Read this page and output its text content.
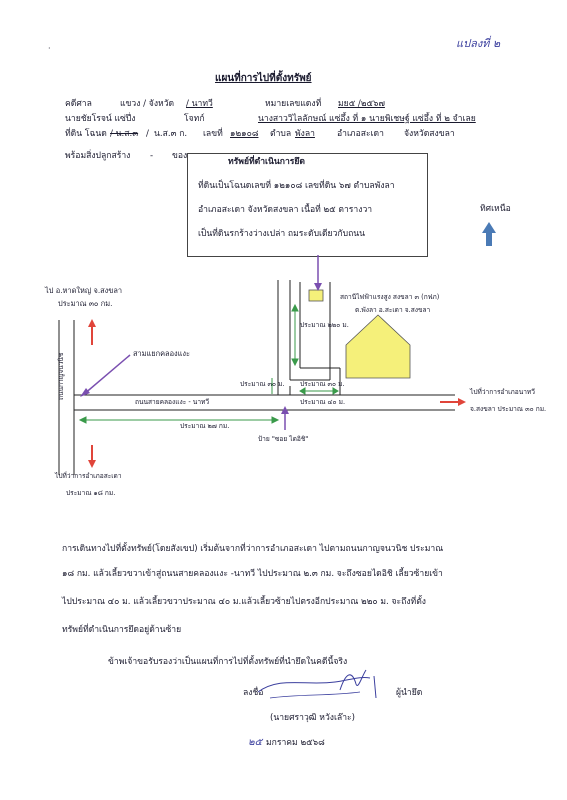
แปลงที่ ๒
·
แผนที่การไปที่ตั้งทรัพย์
คดีศาล	แขวง / จังหวัด / นาทวี	หมายเลขแดงที่ มย๕ /๒๕๖๗
นายชัยโรจน์ แซ่ปึ่ง	โจทก์	นางสาววิไลลักษณ์ แซ่อึ้ง ที่ ๑ นายพิเชษฐ์ แซ่อึ้ง ที่ ๒ จำเลย
ที่ดิน โฉนด / น.ส.๓ / น.ส.๓ ก. เลขที่ ๑๒๑๐๘ ตำบล พังลา	อำเภอสะเดา จังหวัดสงขลา
พร้อมสิ่งปลูกสร้าง - ของ
ทรัพย์ที่ดำเนินการยึด
ที่ดินเป็นโฉนดเลขที่ ๑๒๑๐๘ เลขที่ดิน ๖๗ ตำบลพังลา
อำเภอสะเดา จังหวัดสงขลา เนื้อที่ ๒๕ ตารางวา
เป็นที่ดินรกร้างว่างเปล่า ถมระดับเดียวกับถนน
ทิศเหนือ
ไป อ.หาดใหญ่ จ.สงขลา
ประมาณ ๓๐ กม.
สามแยกคลองแงะ
ถนนกาญจนวนิช
ถนนสายคลองแงะ - นาทวี
ประมาณ ๒๗ กม.
ประมาณ ๓๐ ม. ประมาณ ๓๐ ม.
ประมาณ ๔๐ ม.
ประมาณ ๒๒๐ ม.
ป้าย "ซอย ไดอิชิ"
สถานีไฟฟ้าแรงสูง สงขลา ๓ (กฟภ)
ต.พังลา อ.สะเดา จ.สงขลา
ไปที่ว่าการอำเภอนาทวี
จ.สงขลา ประมาณ ๓๐ กม.
ไปที่ว่าการอำเภอสะเดา
ประมาณ ๑๘ กม.
การเดินทางไปที่ตั้งทรัพย์(โดยสังเขป) เริ่มต้นจากที่ว่าการอำเภอสะเดา ไปตามถนนกาญจนวนิช ประมาณ
๑๘ กม. แล้วเลี้ยวขวาเข้าสู่ถนนสายคลองแงะ -นาทวี ไปประมาณ ๒.๓ กม. จะถึงซอยไดอิชิ เลี้ยวซ้ายเข้า
ไปประมาณ ๔๐ ม. แล้วเลี้ยวขวาประมาณ ๔๐ ม.แล้วเลี้ยวซ้ายไปตรงอีกประมาณ ๒๒๐ ม. จะถึงที่ตั้ง
ทรัพย์ที่ดำเนินการยึดอยู่ด้านซ้าย
ข้าพเจ้าขอรับรองว่าเป็นแผนที่การไปที่ตั้งทรัพย์ที่นำยึดในคดีนี้จริง
ลงชื่อ	ผู้นำยึด
(นายศราวุฒิ หวังเล๊าะ)
๒๕ มกราคม ๒๕๖๘
